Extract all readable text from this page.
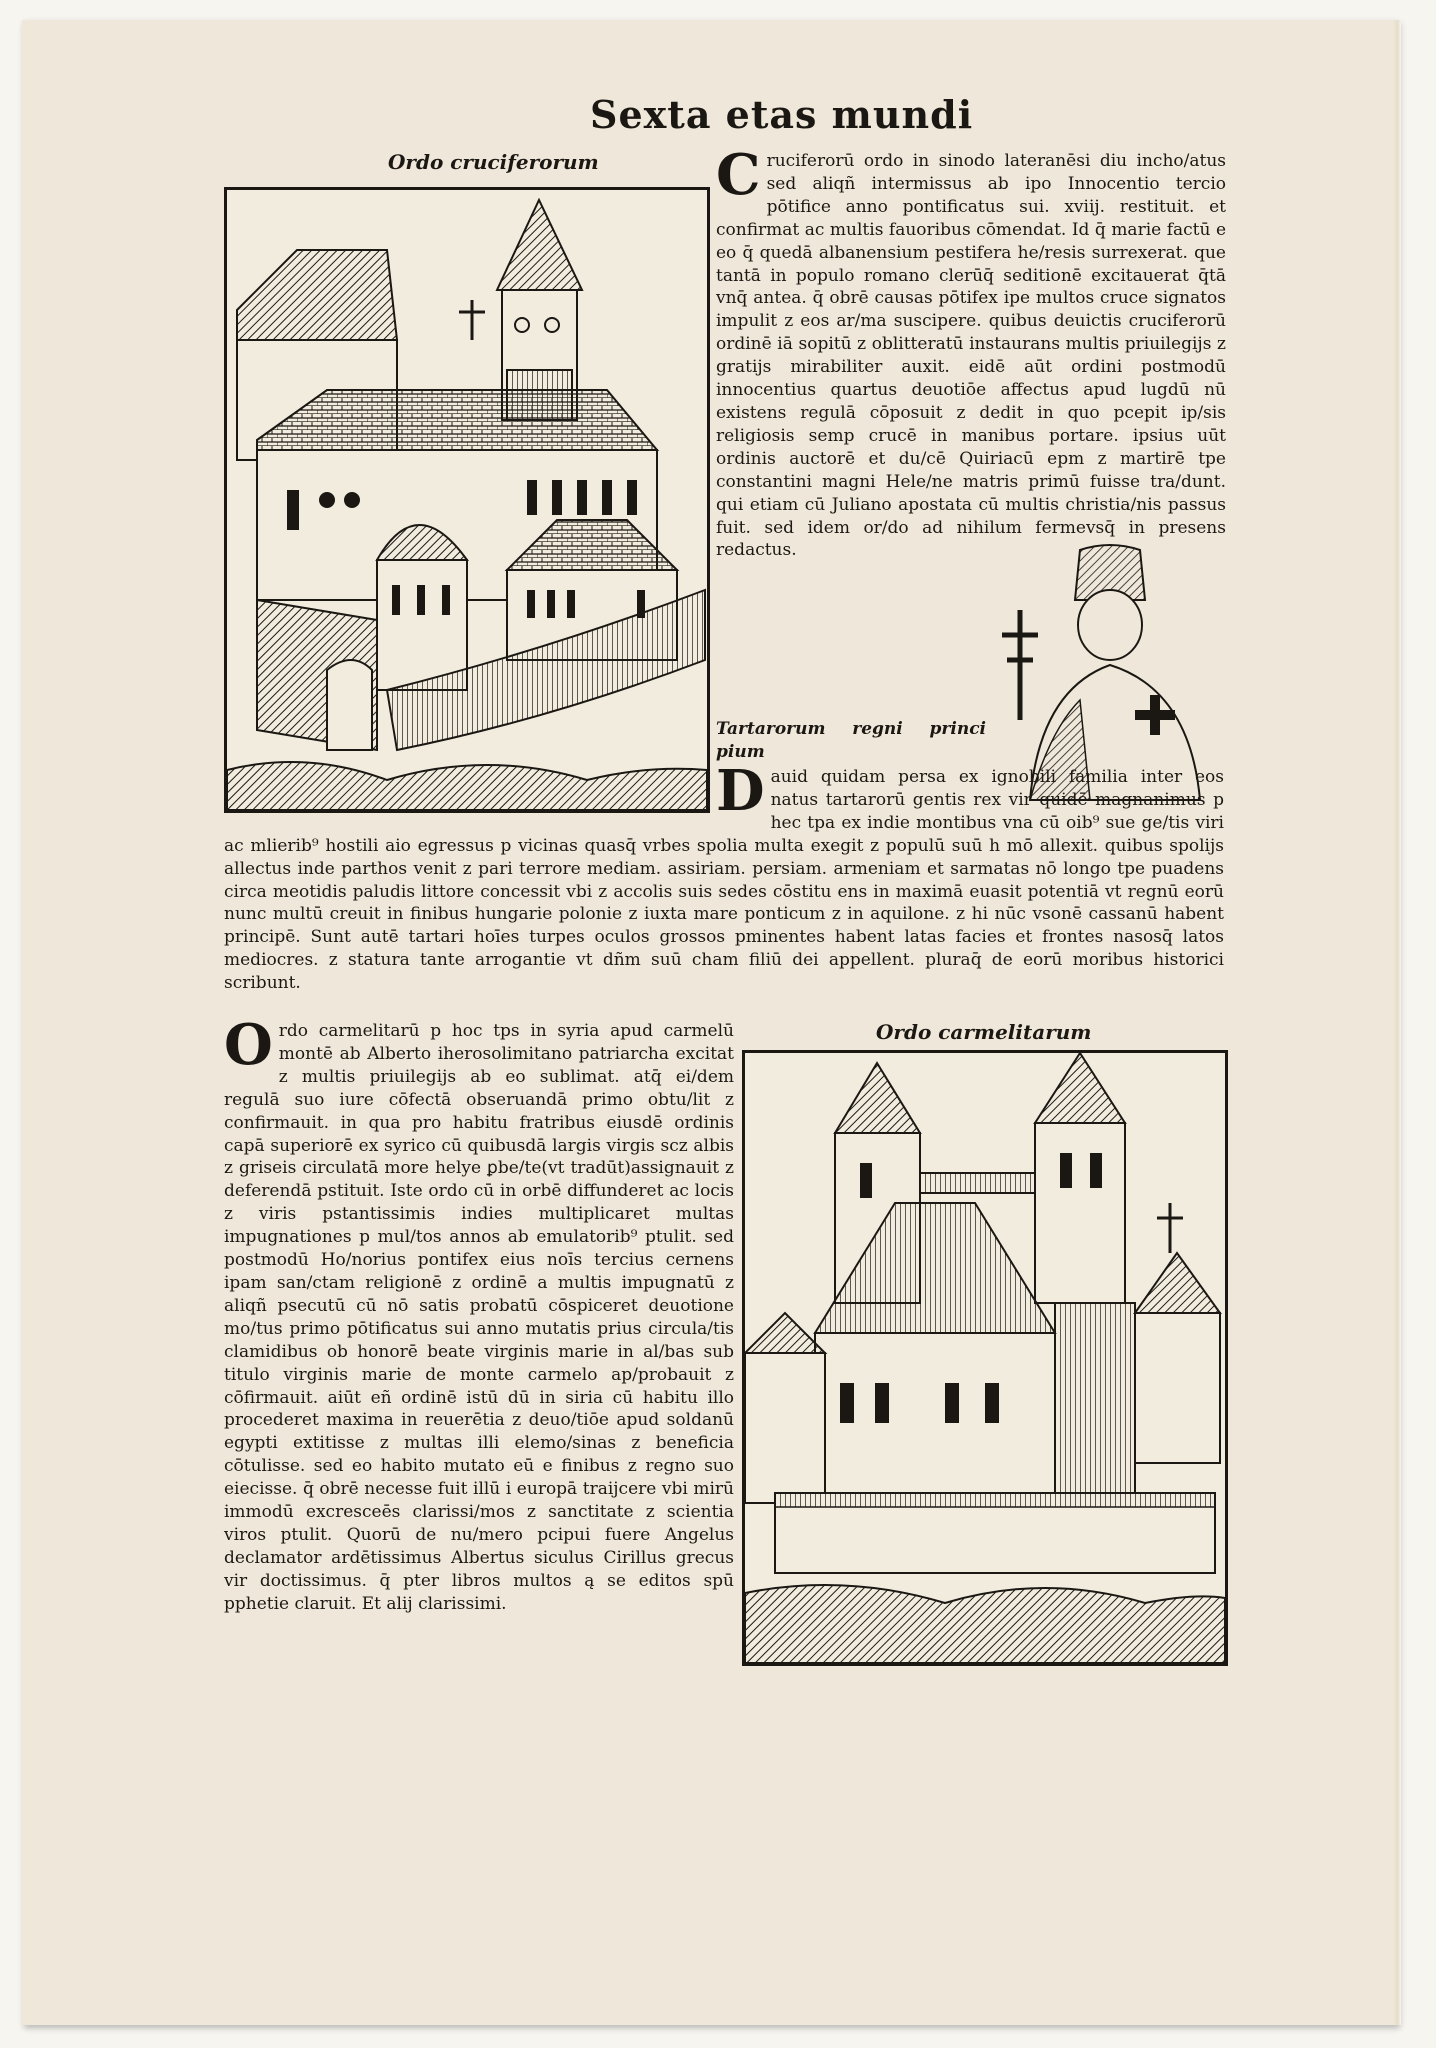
Sexta etas mundi
Ordo cruciferorum C ruciferorū ordo in sinodo lateranēsi diu incho/atus sed aliqñ intermissus ab ipo Innocentio tercio pōtifice anno pontificatus sui. xviij. restituit. et confirmat ac multis fauoribus cōmendat. Id q̄ marie factū e eo q̄ quedā albanensium pestifera he/resis surrexerat. que tantā in populo romano clerūq̄ seditionē excitauerat q̄tā vnq̄ antea. q̄ obrē causas pōtifex ipe multos cruce signatos impulit z eos ar/ma suscipere. quibus deuictis cruciferorū ordinē iā sopitū z oblitteratū instaurans multis priuilegijs z gratijs mirabiliter auxit. eidē aūt ordini postmodū innocentius quartus deuotiōe affectus apud lugdū nū existens regulā cōposuit z dedit in quo pcepit ip/sis religiosis semp crucē in manibus portare. ipsius uūt ordinis auctorē et du/cē Quiriacū epm z martirē tpe constantini magni Hele/ne matris primū fuisse tra/dunt. qui etiam cū Juliano apostata cū multis christia/nis passus fuit. sed idem or/do ad nihilum fermevsq̄ in presens redactus.

Tartarorum regni princi pium

D auid quidam persa ex ignobili familia inter eos natus tartarorū gentis rex vir quidē magnanimus p hec tpa ex indie montibus vna cū oib⁹ sue ge/tis viri ac mlierib⁹ hostili aio egressus p vicinas quasq̄ vrbes spolia multa exegit z populū suū h mō allexit. quibus spolijs allectus inde parthos venit z pari terrore mediam. assiriam. persiam. armeniam et sarmatas nō longo tpe puadens circa meotidis paludis littore concessit vbi z accolis suis sedes cōstitu ens in maximā euasit potentiā vt regnū eorū nunc multū creuit in finibus hungarie polonie z iuxta mare ponticum z in aquilone. z hi nūc vsonē cassanū habent principē. Sunt autē tartari hoīes turpes oculos grossos pminentes habent latas facies et frontes nasosq̄ latos mediocres. z statura tante arrogantie vt dñm suū cham filiū dei appellent. pluraq̄ de eorū moribus historici scribunt.
O rdo carmelitarū p hoc tps in syria apud carmelū montē ab Alberto iherosolimitano patriarcha excitat z multis priuilegijs ab eo sublimat. atq̄ ei/dem regulā suo iure cōfectā obseruandā primo obtu/lit z confirmauit. in qua pro habitu fratribus eiusdē ordinis capā superiorē ex syrico cū quibusdā largis virgis scz albis z griseis circulatā more helye ꝑbe/te(vt tradūt)assignauit z deferendā pstituit. Iste ordo cū in orbē diffunderet ac locis z viris pstantissimis indies multiplicaret multas impugnationes p mul/tos annos ab emulatorib⁹ ptulit. sed postmodū Ho/norius pontifex eius noīs tercius cernens ipam san/ctam religionē z ordinē a multis impugnatū z aliqñ psecutū cū nō satis probatū cōspiceret deuotione mo/tus primo pōtificatus sui anno mutatis prius circula/tis clamidibus ob honorē beate virginis marie in al/bas sub titulo virginis marie de monte carmelo ap/probauit z cōfirmauit. aiūt eñ ordinē istū dū in siria cū habitu illo procederet maxima in reuerētia z deuo/tiōe apud soldanū egypti extitisse z multas illi elemo/sinas z beneficia cōtulisse. sed eo habito mutato eū e finibus z regno suo eiecisse. q̄ obrē necesse fuit illū i europā traijcere vbi mirū immodū excresceēs clarissi/mos z sanctitate z scientia viros ptulit. Quorū de nu/mero pcipui fuere Angelus declamator ardētissimus Albertus siculus Cirillus grecus vir doctissimus. q̄ pter libros multos ą se editos spū pphetie claruit. Et alij clarissimi.
Ordo carmelitarum
